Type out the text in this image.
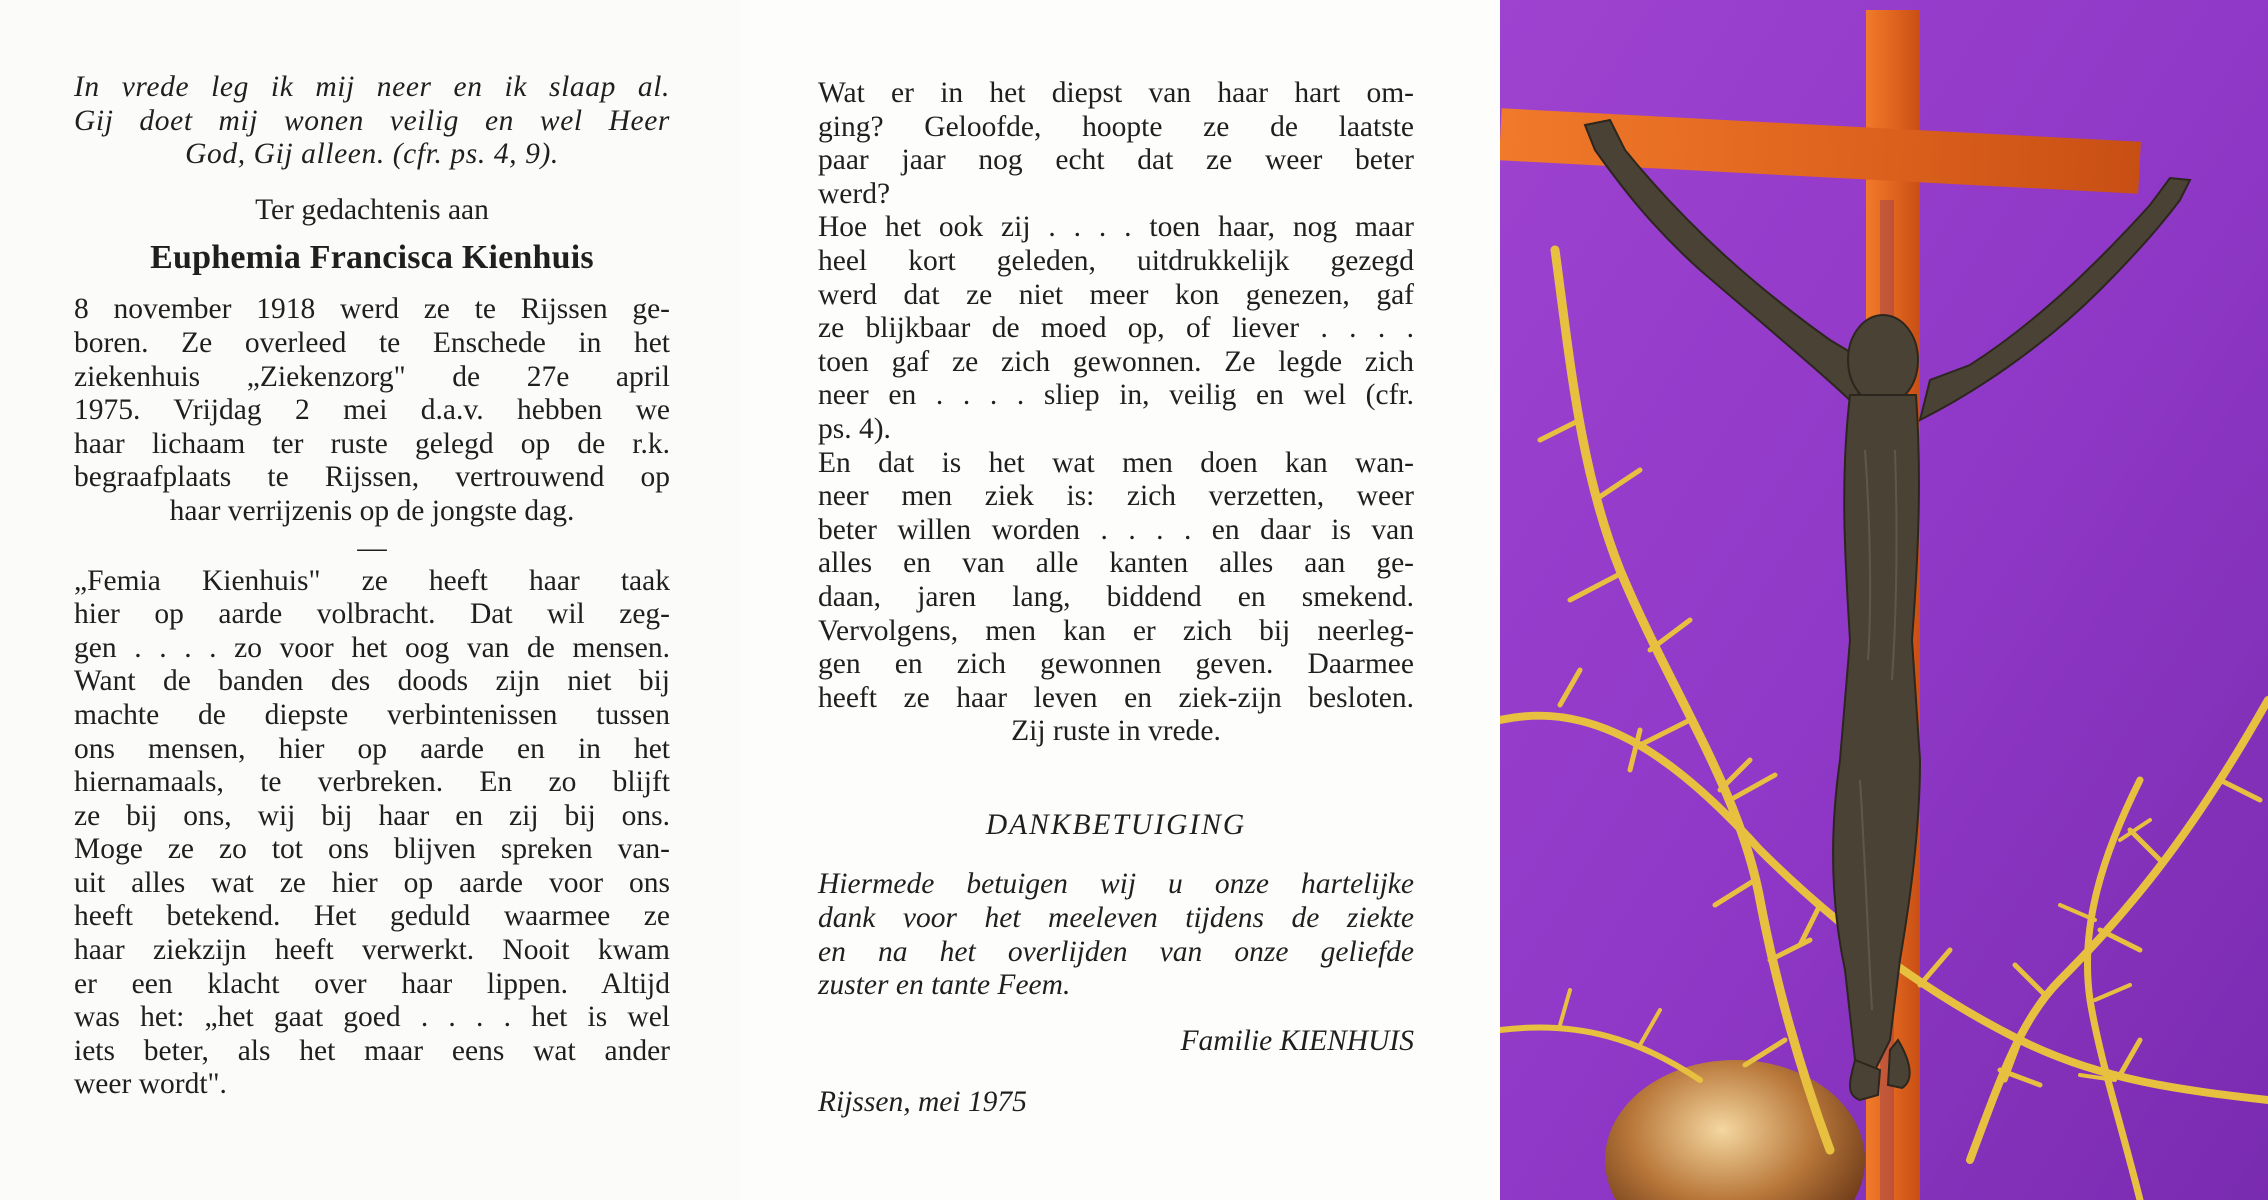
In vrede leg ik mij neer en ik slaap al.
Gij doet mij wonen veilig en wel Heer
God, Gij alleen. (cfr. ps. 4, 9).

Ter gedachtenis aan

Euphemia Francisca Kienhuis

8 november 1918 werd ze te Rijssen ge-

boren. Ze overleed te Enschede in het

ziekenhuis „Ziekenzorg" de 27e april

1975. Vrijdag 2 mei d.a.v. hebben we

haar lichaam ter ruste gelegd op de r.k.

begraafplaats te Rijssen, vertrouwend op

haar verrijzenis op de jongste dag.

—

„Femia Kienhuis" ze heeft haar taak

hier op aarde volbracht. Dat wil zeg-

gen . . . . zo voor het oog van de mensen.

Want de banden des doods zijn niet bij

machte de diepste verbintenissen tussen

ons mensen, hier op aarde en in het

hiernamaals, te verbreken. En zo blijft

ze bij ons, wij bij haar en zij bij ons.

Moge ze zo tot ons blijven spreken van-

uit alles wat ze hier op aarde voor ons

heeft betekend. Het geduld waarmee ze

haar ziekzijn heeft verwerkt. Nooit kwam

er een klacht over haar lippen. Altijd

was het: „het gaat goed . . . . het is wel

iets beter, als het maar eens wat ander

weer wordt".

Wat er in het diepst van haar hart om-

ging? Geloofde, hoopte ze de laatste

paar jaar nog echt dat ze weer beter

werd?

Hoe het ook zij . . . . toen haar, nog maar

heel kort geleden, uitdrukkelijk gezegd

werd dat ze niet meer kon genezen, gaf

ze blijkbaar de moed op, of liever . . . .

toen gaf ze zich gewonnen. Ze legde zich

neer en . . . . sliep in, veilig en wel (cfr.

ps. 4).

En dat is het wat men doen kan wan-

neer men ziek is: zich verzetten, weer

beter willen worden . . . . en daar is van

alles en van alle kanten alles aan ge-

daan, jaren lang, biddend en smekend.

Vervolgens, men kan er zich bij neerleg-

gen en zich gewonnen geven. Daarmee

heeft ze haar leven en ziek-zijn besloten.

Zij ruste in vrede.

DANKBETUIGING

Hiermede betuigen wij u onze hartelijke

dank voor het meeleven tijdens de ziekte

en na het overlijden van onze geliefde

zuster en tante Feem.

Familie KIENHUIS

Rijssen, mei 1975
